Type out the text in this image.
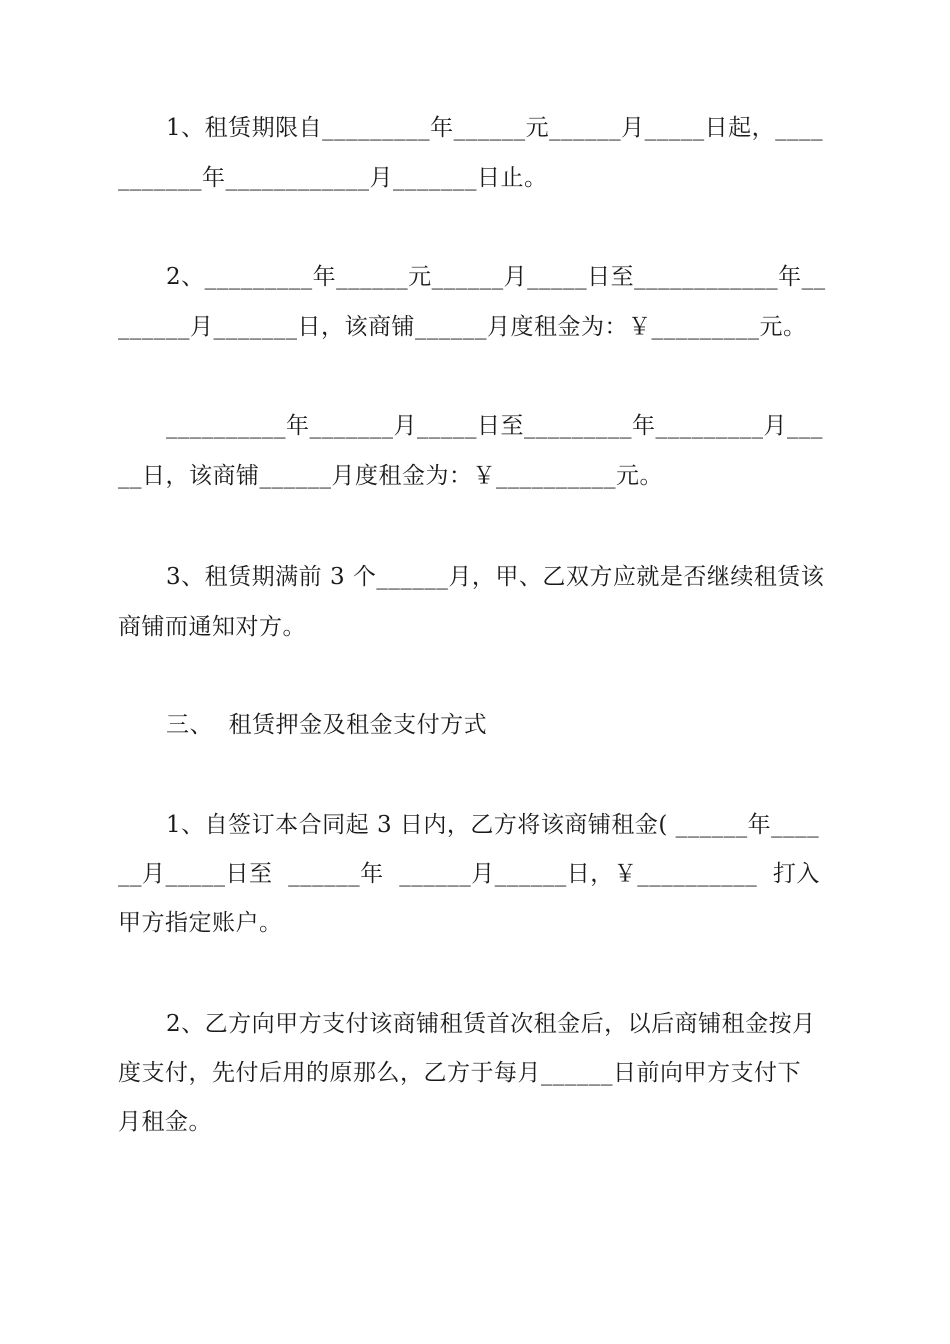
1、租赁期限自_________年______元______月_____日起，____
_______年____________月_______日止。
2、_________年______元______月_____日至____________年__
______月_______日，该商铺______月度租金为：￥_________元。
__________年_______月_____日至_________年_________月___
__日，该商铺______月度租金为：￥__________元。
3、租赁期满前 3 个______月，甲、乙双方应就是否继续租赁该
商铺而通知对方。
三、  租赁押金及租金支付方式
1、自签订本合同起 3 日内，乙方将该商铺租金( ______年____
__月_____日至  ______年  ______月______日，￥__________  打入
甲方指定账户。
2、乙方向甲方支付该商铺租赁首次租金后，以后商铺租金按月
度支付，先付后用的原那么，乙方于每月______日前向甲方支付下
月租金。
